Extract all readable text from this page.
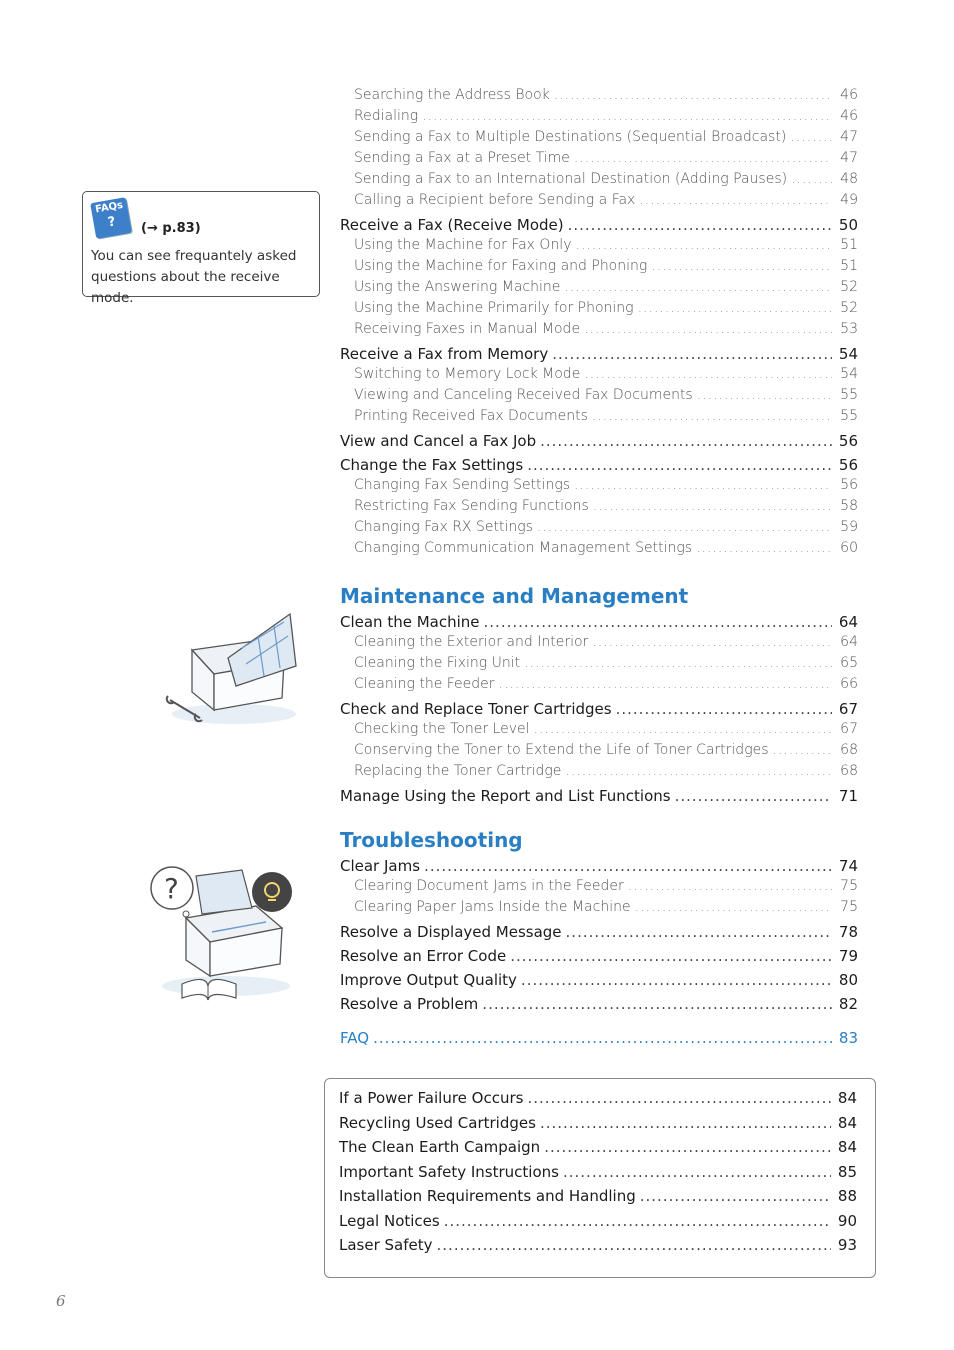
FAQs
?	(→ p.83)
You can see frequantely asked questions about the receive mode.
Searching the Address Book .....	46
Redialing .....	46
Sending a Fax to Multiple Destinations (Sequential Broadcast) .....	47
Sending a Fax at a Preset Time .....	47
Sending a Fax to an International Destination (Adding Pauses) .....	48
Calling a Recipient before Sending a Fax .....	49
Receive a Fax (Receive Mode) .....	50
Using the Machine for Fax Only .....	51
Using the Machine for Faxing and Phoning .....	51
Using the Answering Machine .....	52
Using the Machine Primarily for Phoning .....	52
Receiving Faxes in Manual Mode .....	53
Receive a Fax from Memory .....	54
Switching to Memory Lock Mode .....	54
Viewing and Canceling Received Fax Documents .....	55
Printing Received Fax Documents .....	55
View and Cancel a Fax Job .....	56
Change the Fax Settings .....	56
Changing Fax Sending Settings .....	56
Restricting Fax Sending Functions .....	58
Changing Fax RX Settings .....	59
Changing Communication Management Settings .....	60
Maintenance and Management
Clean the Machine .....	64
Cleaning the Exterior and Interior .....	64
Cleaning the Fixing Unit .....	65
Cleaning the Feeder .....	66
Check and Replace Toner Cartridges .....	67
Checking the Toner Level .....	67
Conserving the Toner to Extend the Life of Toner Cartridges .....	68
Replacing the Toner Cartridge .....	68
Manage Using the Report and List Functions .....	71
?
Troubleshooting
Clear Jams .....	74
Clearing Document Jams in the Feeder .....	75
Clearing Paper Jams Inside the Machine .....	75
Resolve a Displayed Message .....	78
Resolve an Error Code .....	79
Improve Output Quality .....	80
Resolve a Problem .....	82
FAQ .....	83
If a Power Failure Occurs .....	84
Recycling Used Cartridges .....	84
The Clean Earth Campaign .....	84
Important Safety Instructions .....	85
Installation Requirements and Handling .....	88
Legal Notices .....	90
Laser Safety .....	93
6
